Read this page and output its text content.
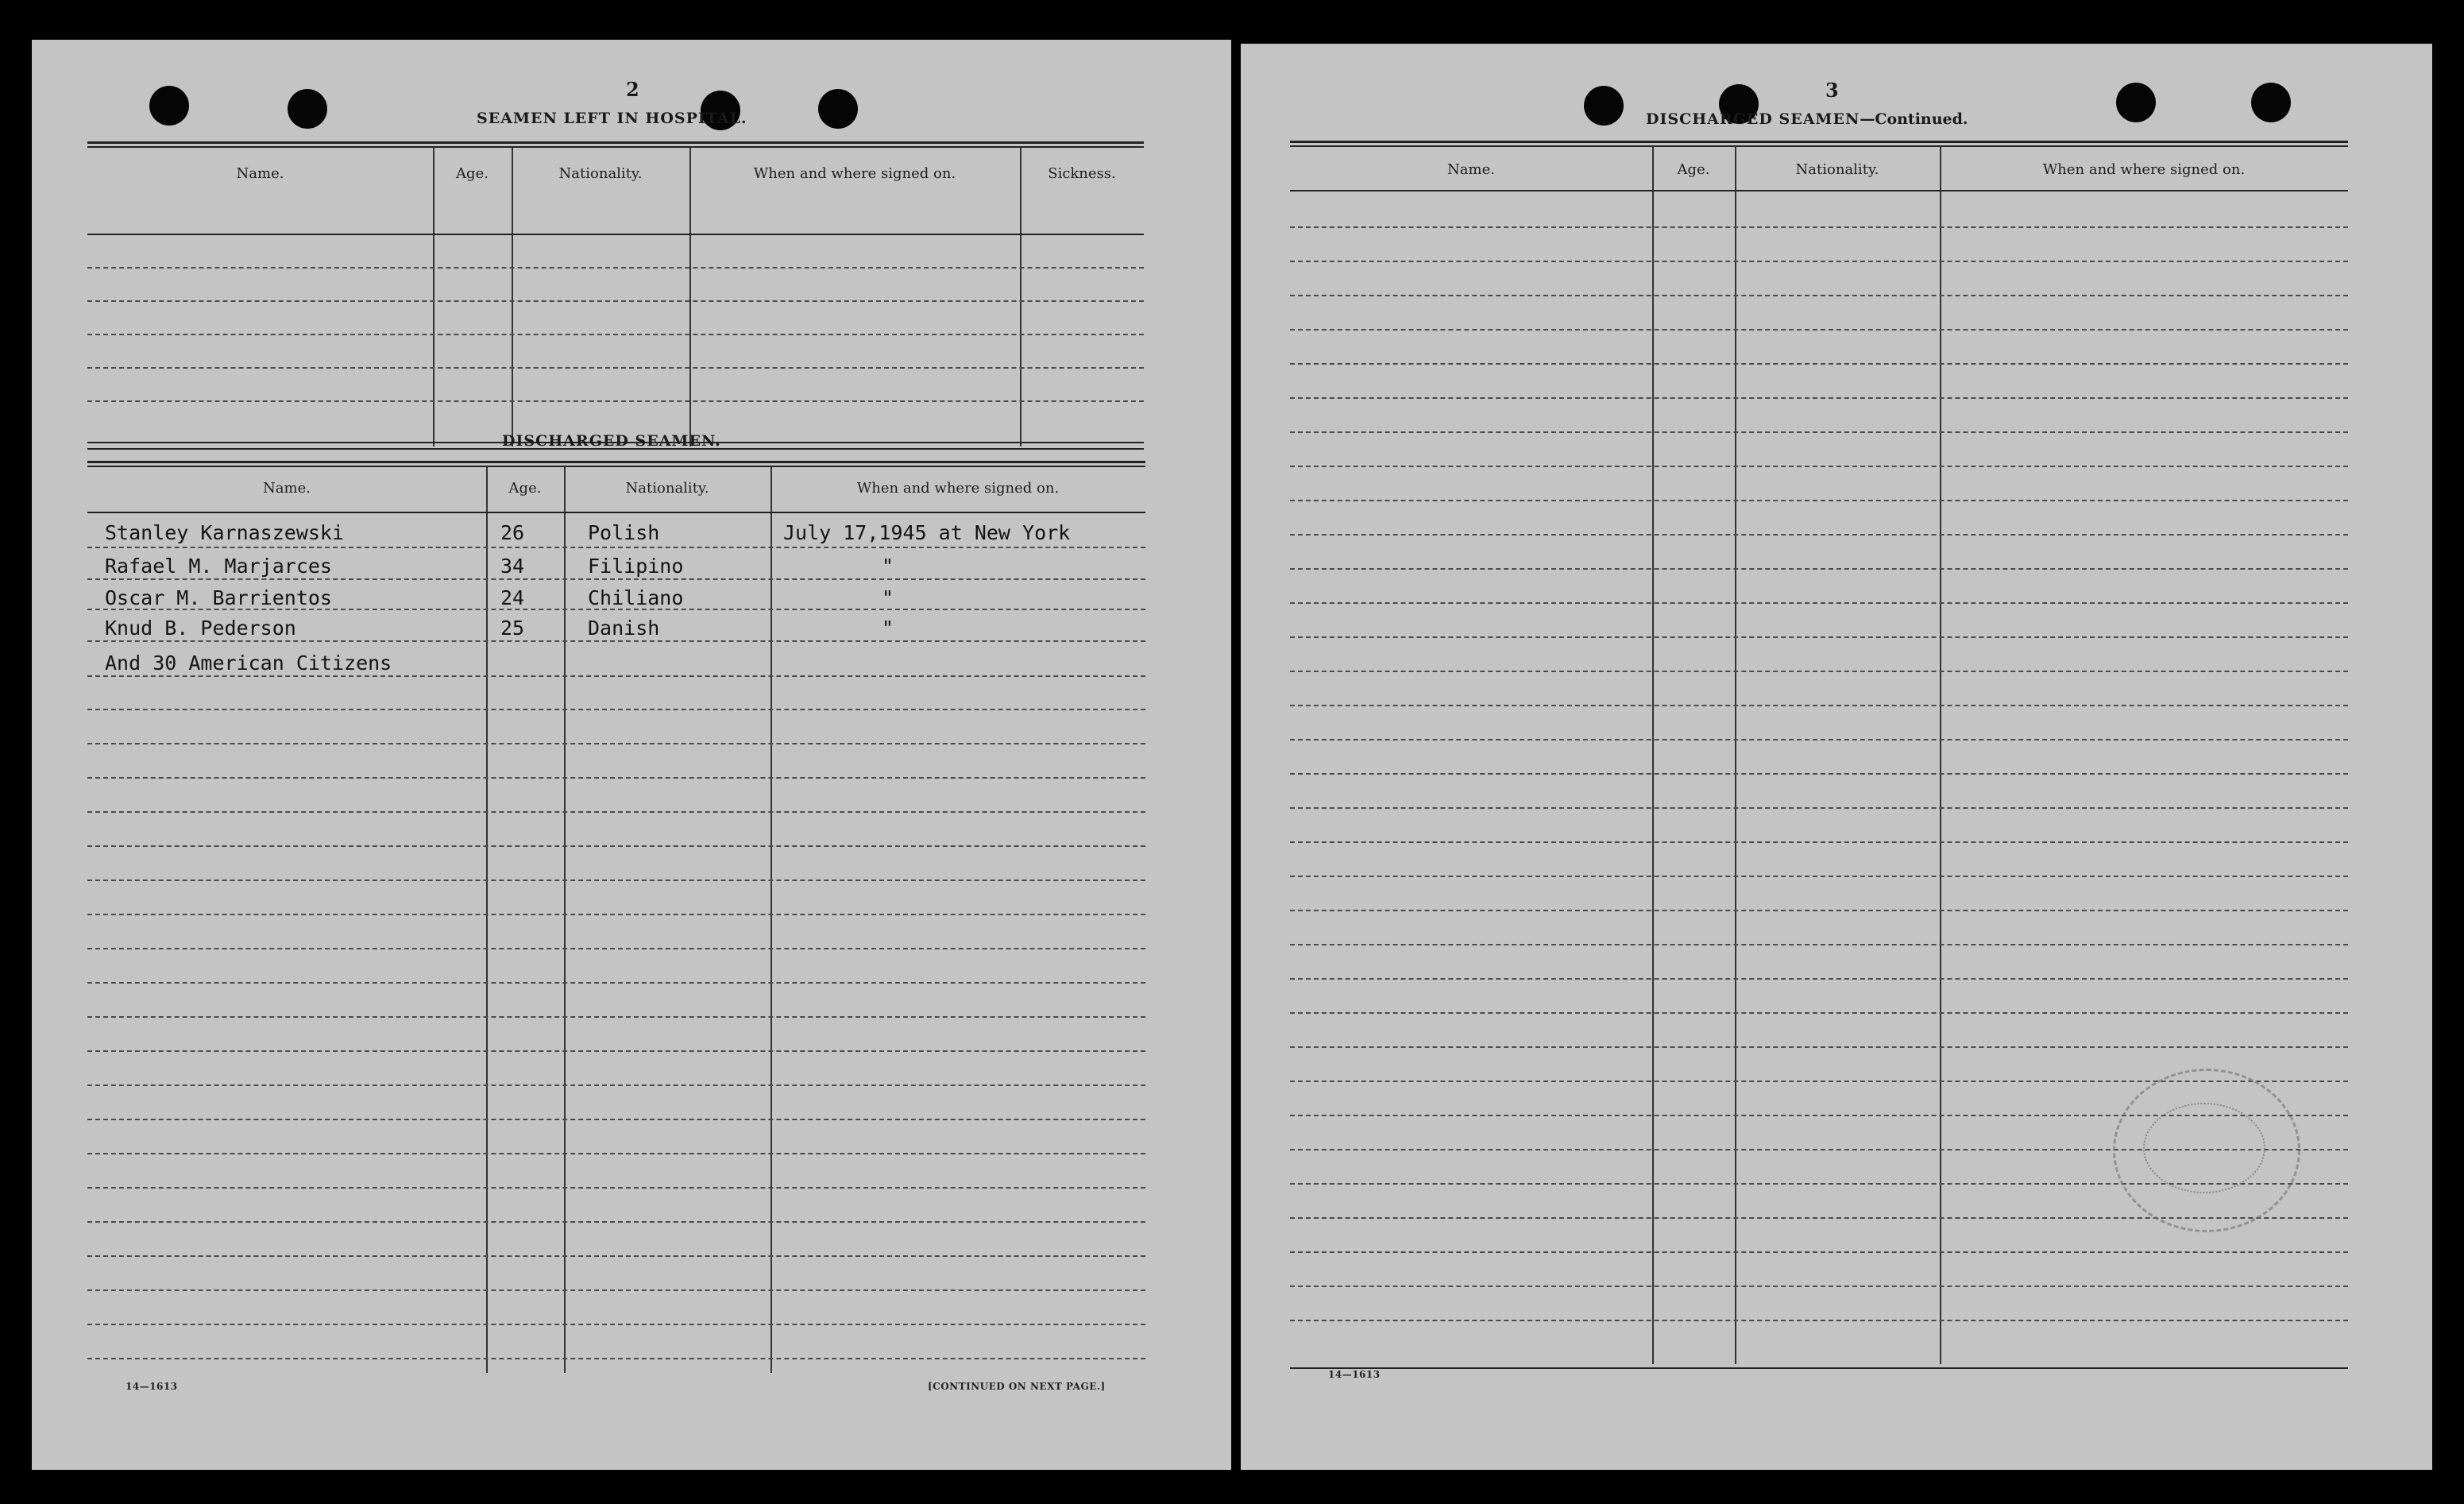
2
SEAMEN LEFT IN HOSPITAL.
Name.	Age.	Nationality.	When and where signed on.	Sickness.
DISCHARGED SEAMEN.
Name.	Age.	Nationality.	When and where signed on.
Stanley Karnaszewski	26	Polish	July 17,1945 at New York
Rafael M. Marjarces	34	Filipino	"
Oscar M. Barrientos	24	Chiliano	"
Knud B. Pederson	25	Danish	"
And 30 American Citizens
14—1613	[CONTINUED ON NEXT PAGE.]
3
DISCHARGED SEAMEN—Continued.
Name.	Age.	Nationality.	When and where signed on.
14—1613
